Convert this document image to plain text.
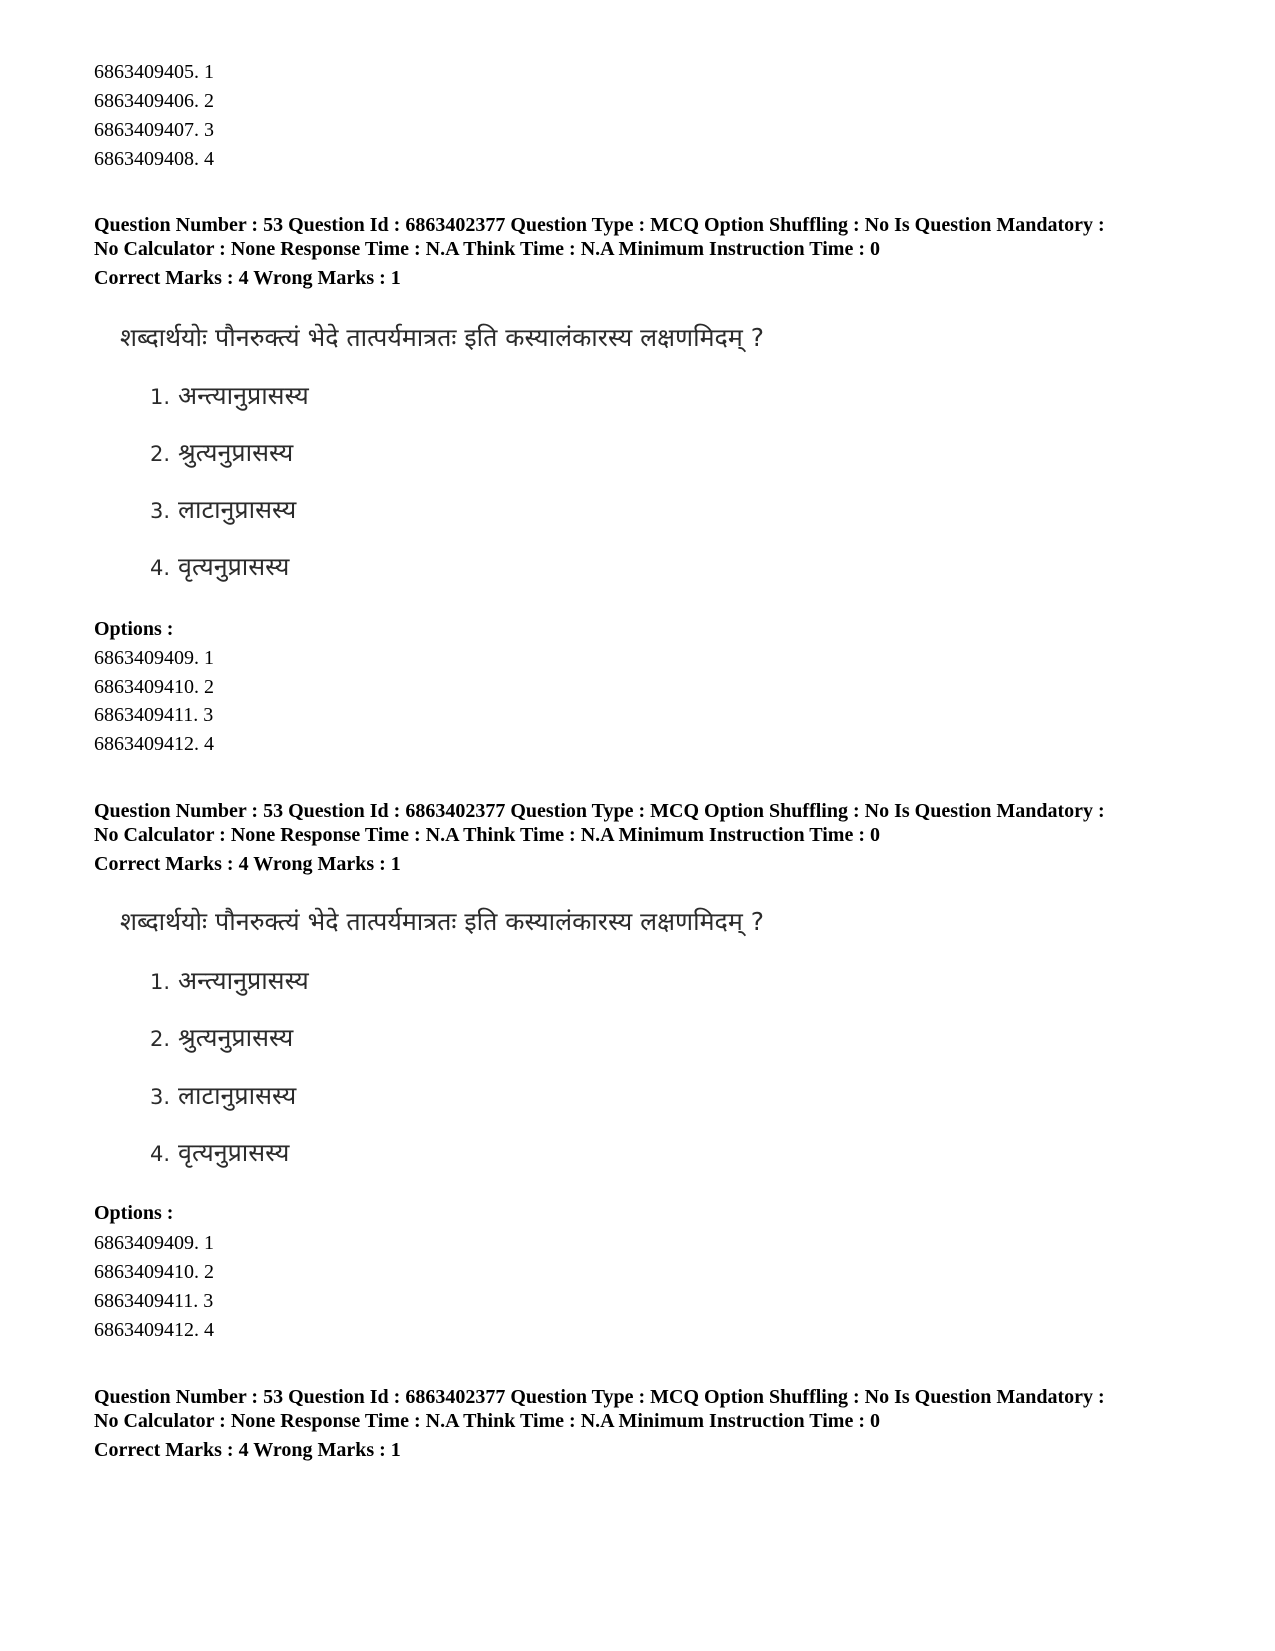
6863409405. 1
6863409406. 2
6863409407. 3
6863409408. 4
Question Number : 53 Question Id : 6863402377 Question Type : MCQ Option Shuffling : No Is Question Mandatory :
No Calculator : None Response Time : N.A Think Time : N.A Minimum Instruction Time : 0
Correct Marks : 4 Wrong Marks : 1
शब्दार्थयोः पौनरुक्त्यं भेदे तात्पर्यमात्रतः इति कस्यालंकारस्य लक्षणमिदम् ?
1. अन्त्यानुप्रासस्य
2. श्रुत्यनुप्रासस्य
3. लाटानुप्रासस्य
4. वृत्यनुप्रासस्य
Options :
6863409409. 1
6863409410. 2
6863409411. 3
6863409412. 4
Question Number : 53 Question Id : 6863402377 Question Type : MCQ Option Shuffling : No Is Question Mandatory :
No Calculator : None Response Time : N.A Think Time : N.A Minimum Instruction Time : 0
Correct Marks : 4 Wrong Marks : 1
शब्दार्थयोः पौनरुक्त्यं भेदे तात्पर्यमात्रतः इति कस्यालंकारस्य लक्षणमिदम् ?
1. अन्त्यानुप्रासस्य
2. श्रुत्यनुप्रासस्य
3. लाटानुप्रासस्य
4. वृत्यनुप्रासस्य
Options :
6863409409. 1
6863409410. 2
6863409411. 3
6863409412. 4
Question Number : 53 Question Id : 6863402377 Question Type : MCQ Option Shuffling : No Is Question Mandatory :
No Calculator : None Response Time : N.A Think Time : N.A Minimum Instruction Time : 0
Correct Marks : 4 Wrong Marks : 1
